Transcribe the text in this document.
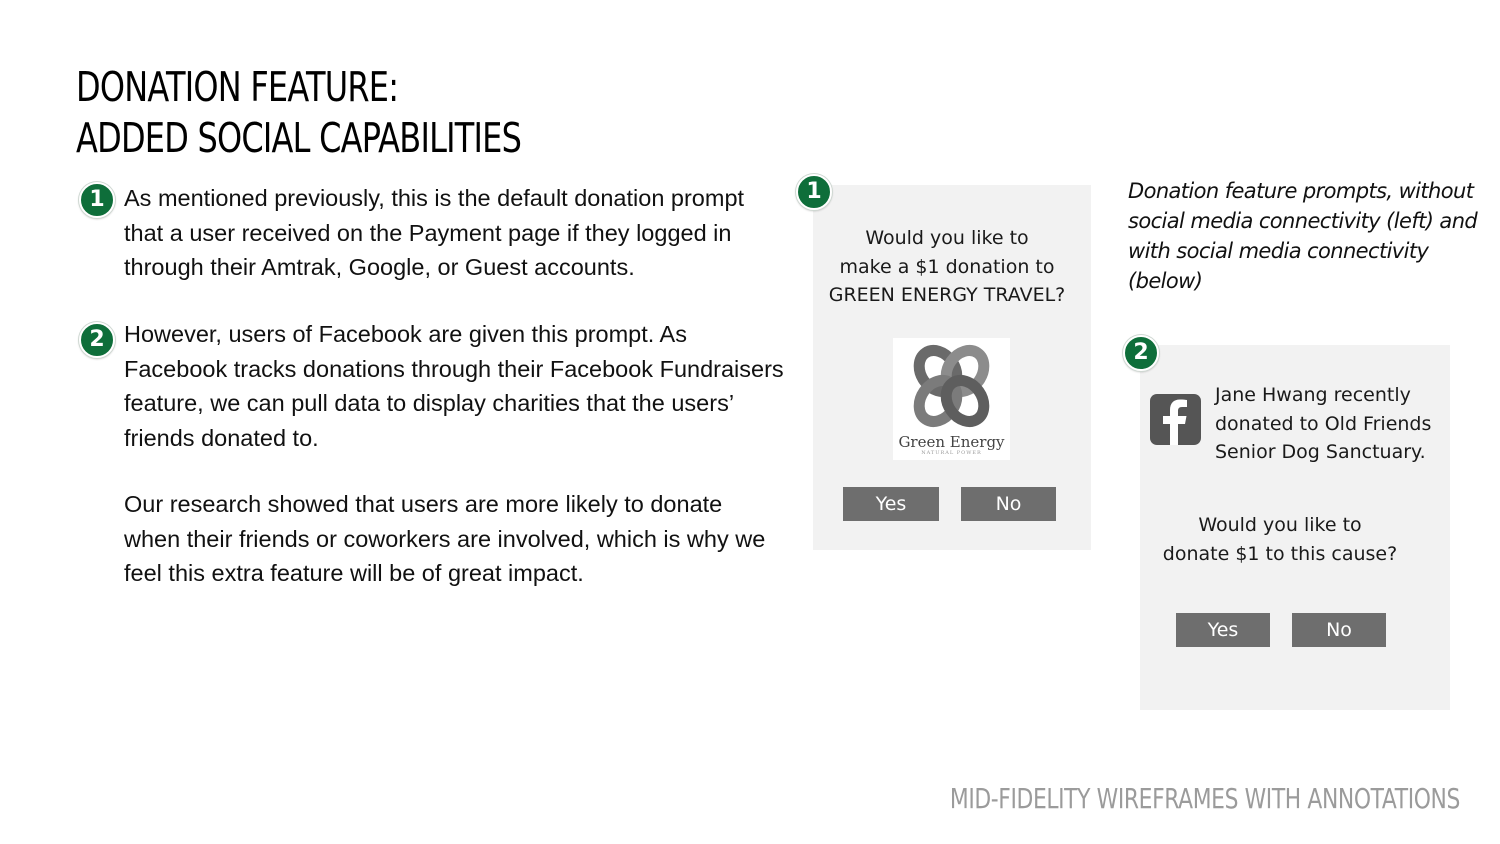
DONATION FEATURE:
ADDED SOCIAL CAPABILITIES
1 As mentioned previously, this is the default donation prompt that a user received on the Payment page if they logged in through their Amtrak, Google, or Guest accounts.

2 However, users of Facebook are given this prompt. As Facebook tracks donations through their Facebook Fundraisers feature, we can pull data to display charities that the users’ friends donated to.

Our research showed that users are more likely to donate when their friends or coworkers are involved, which is why we feel this extra feature will be of great impact.

Would you like to
make a $1 donation to
GREEN ENERGY TRAVEL?

Green Energy

NATURAL POWER

Yes	No
1	Donation feature prompts, without social media connectivity (left) and with social media connectivity (below)

Jane Hwang recently
donated to Old Friends
Senior Dog Sanctuary.

Would you like to
donate $1 to this cause?

Yes	No
2

MID-FIDELITY WIREFRAMES WITH ANNOTATIONS
